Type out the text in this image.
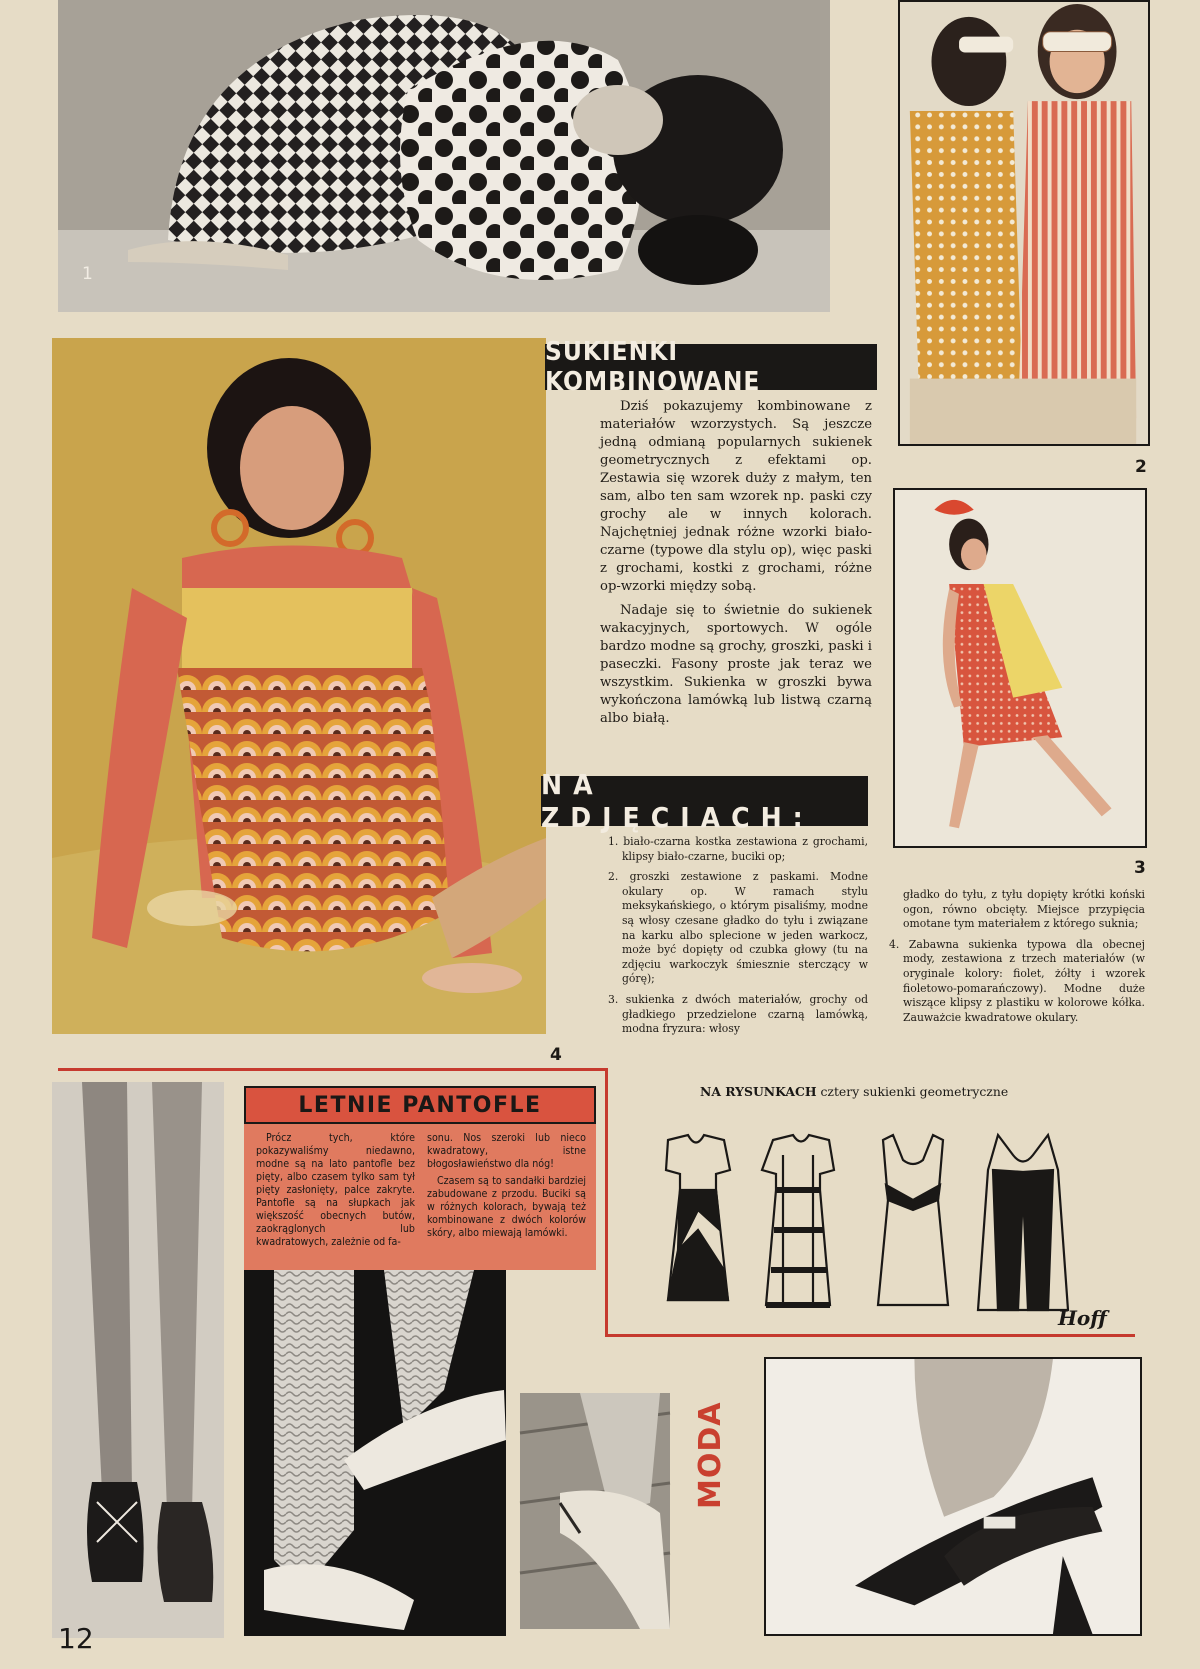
1
2
4
SUKIENKI KOMBINOWANE

Dziś pokazujemy kombinowane z materiałów wzorzystych. Są jeszcze jedną odmianą popularnych sukienek geometrycznych z efektami op. Zestawia się wzorek duży z małym, ten sam, albo ten sam wzorek np. paski czy grochy ale w innych kolorach. Najchętniej jednak różne wzorki biało-czarne (typowe dla stylu op), więc paski z grochami, kostki z grochami, różne op-wzorki między sobą.

Nadaje się to świetnie do sukienek wakacyjnych, sportowych. W ogóle bardzo modne są grochy, groszki, paski i paseczki. Fasony proste jak teraz we wszystkim. Sukienka w groszki bywa wykończona lamówką lub listwą czarną albo białą.

3
NA ZDJĘCIACH:

1. biało-czarna kostka zestawiona z grochami, klipsy biało-czarne, buciki op;

2. groszki zestawione z paskami. Modne okulary op. W ramach stylu meksykańskiego, o którym pisaliśmy, modne są włosy czesane gładko do tyłu i związane na karku albo splecione w jeden warkocz, może być dopięty od czubka głowy (tu na zdjęciu warkoczyk śmiesznie sterczący w górę);

3. sukienka z dwóch materiałów, grochy od gładkiego przedzielone czarną lamówką, modna fryzura: włosy

gładko do tyłu, z tyłu dopięty krótki koński ogon, równo obcięty. Miejsce przypięcia omotane tym materiałem z którego suknia;

4. Zabawna sukienka typowa dla obecnej mody, zestawiona z trzech materiałów (w oryginale kolory: fiolet, żółty i wzorek fioletowo-pomarańczowy). Modne duże wiszące klipsy z plastiku w kolorowe kółka. Zauważcie kwadratowe okulary.

LETNIE PANTOFLE

Prócz tych, które pokazywaliśmy niedawno, modne są na lato pantofle bez pięty, albo czasem tylko sam tył pięty zasłonięty, palce zakryte. Pantofle są na słupkach jak większość obecnych butów, zaokrąglonych lub kwadratowych, zależnie od fa-

sonu. Nos szeroki lub nieco kwadratowy, istne błogosławieństwo dla nóg!

Czasem są to sandałki bardziej zabudowane z przodu. Buciki są w różnych kolorach, bywają też kombinowane z dwóch kolorów skóry, albo miewają lamówki.

NA RYSUNKACH cztery sukienki geometryczne
Hoff
MODA
12
